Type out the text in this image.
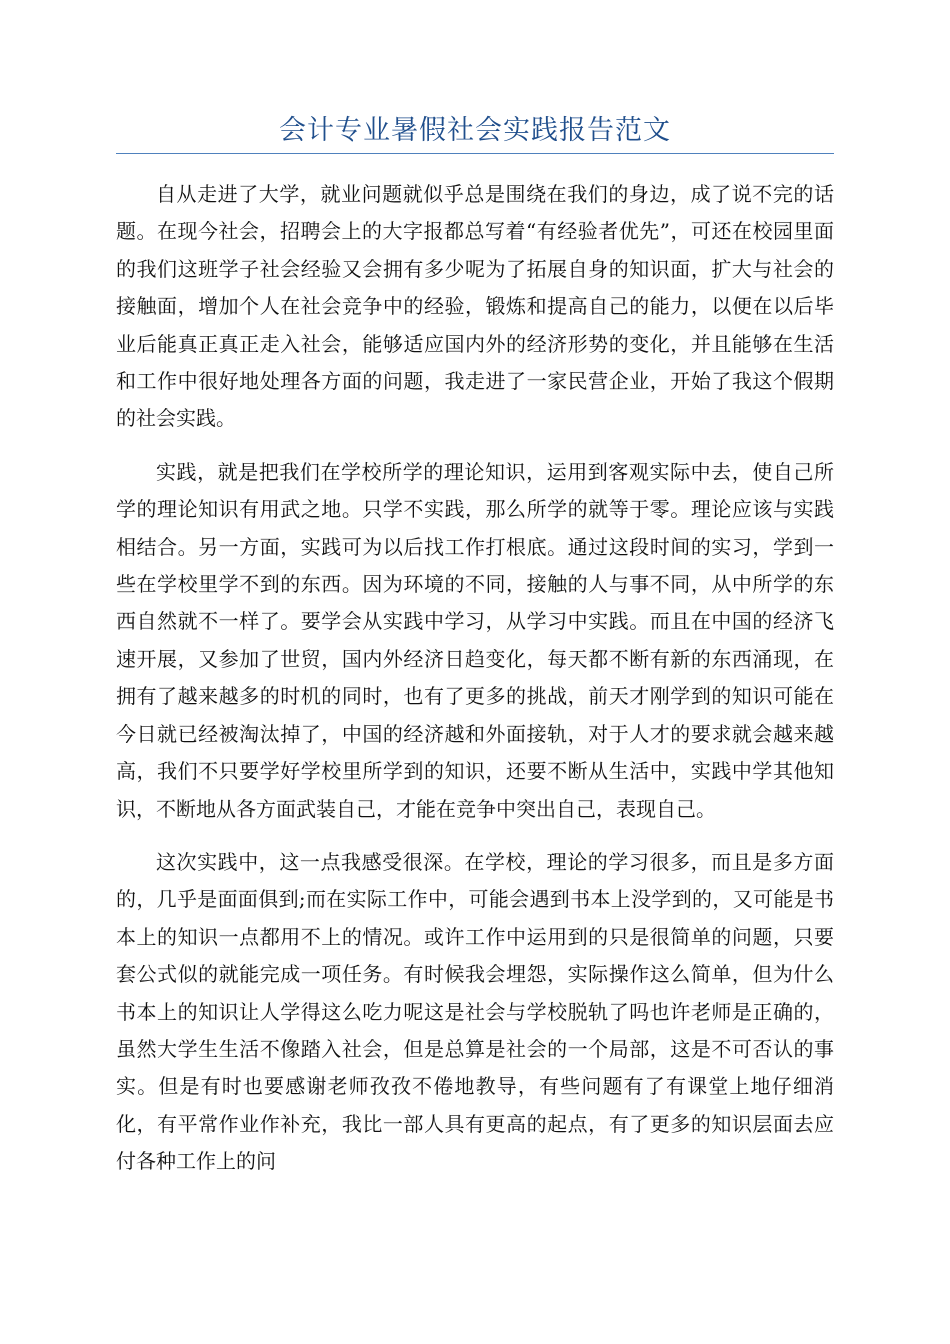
会计专业暑假社会实践报告范文

自从走进了大学，就业问题就似乎总是围绕在我们的身边，成了说不完的话题。在现今社会，招聘会上的大字报都总写着“有经验者优先”，可还在校园里面的我们这班学子社会经验又会拥有多少呢为了拓展自身的知识面，扩大与社会的接触面，增加个人在社会竞争中的经验，锻炼和提高自己的能力，以便在以后毕业后能真正真正走入社会，能够适应国内外的经济形势的变化，并且能够在生活和工作中很好地处理各方面的问题，我走进了一家民营企业，开始了我这个假期的社会实践。

实践，就是把我们在学校所学的理论知识，运用到客观实际中去，使自己所学的理论知识有用武之地。只学不实践，那么所学的就等于零。理论应该与实践相结合。另一方面，实践可为以后找工作打根底。通过这段时间的实习，学到一些在学校里学不到的东西。因为环境的不同，接触的人与事不同，从中所学的东西自然就不一样了。要学会从实践中学习，从学习中实践。而且在中国的经济飞速开展，又参加了世贸，国内外经济日趋变化，每天都不断有新的东西涌现，在拥有了越来越多的时机的同时，也有了更多的挑战，前天才刚学到的知识可能在今日就已经被淘汰掉了，中国的经济越和外面接轨，对于人才的要求就会越来越高，我们不只要学好学校里所学到的知识，还要不断从生活中，实践中学其他知识，不断地从各方面武装自己，才能在竞争中突出自己，表现自己。

这次实践中，这一点我感受很深。在学校，理论的学习很多，而且是多方面的，几乎是面面俱到;而在实际工作中，可能会遇到书本上没学到的，又可能是书本上的知识一点都用不上的情况。或许工作中运用到的只是很简单的问题，只要套公式似的就能完成一项任务。有时候我会埋怨，实际操作这么简单，但为什么书本上的知识让人学得这么吃力呢这是社会与学校脱轨了吗也许老师是正确的，虽然大学生生活不像踏入社会，但是总算是社会的一个局部，这是不可否认的事实。但是有时也要感谢老师孜孜不倦地教导，有些问题有了有课堂上地仔细消化，有平常作业作补充，我比一部人具有更高的起点，有了更多的知识层面去应付各种工作上的问
